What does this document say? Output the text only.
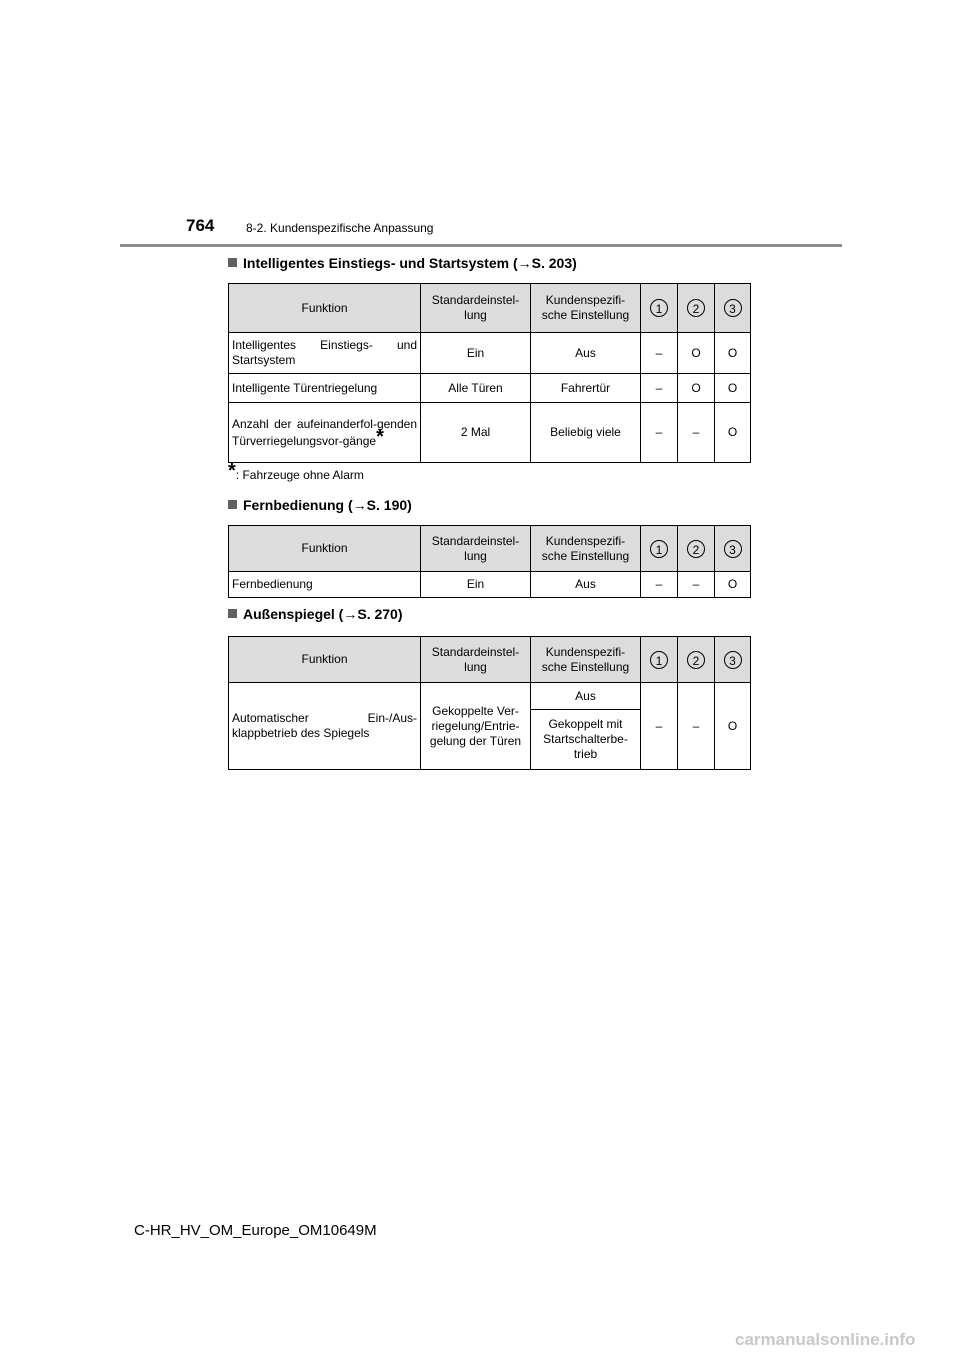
764	8-2. Kundenspezifische Anpassung
Intelligentes Einstiegs- und Startsystem (→S. 203)
Funktion	Standardeinstel-lung	Kundenspezifi-sche Einstellung	1	2	3
Intelligentes Einstiegs- und Startsystem	Ein	Aus	–	O	O
Intelligente Türentriegelung	Alle Türen	Fahrertür	–	O	O
Anzahl der aufeinanderfol-genden Türverriegelungsvor-gänge*	2 Mal	Beliebig viele	–	–	O
*: Fahrzeuge ohne Alarm
Fernbedienung (→S. 190)
Funktion	Standardeinstel-lung	Kundenspezifi-sche Einstellung	1	2	3
Fernbedienung	Ein	Aus	–	–	O
Außenspiegel (→S. 270)
Funktion	Standardeinstel-lung	Kundenspezifi-sche Einstellung	1	2	3
Automatischer Ein-/Aus-klappbetrieb des Spiegels	Gekoppelte Ver-riegelung/Entrie-gelung der Türen	Aus	–	–	O
		Gekoppelt mit Startschalterbe-trieb			
C-HR_HV_OM_Europe_OM10649M
carmanualsonline.info
